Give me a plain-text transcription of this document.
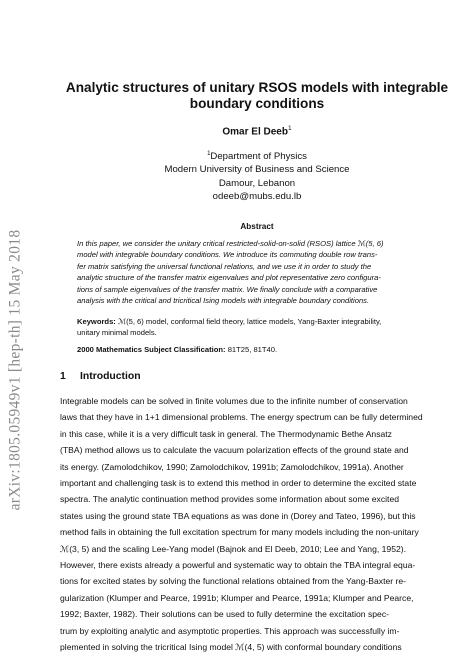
arXiv:1805.05949v1 [hep-th] 15 May 2018
Analytic structures of unitary RSOS models with integrable
boundary conditions
Omar El Deeb$^1$
$^1$Department of Physics
Modern University of Business and Science
Damour, Lebanon
odeeb@mubs.edu.lb
Abstract
In this paper, we consider the unitary critical restricted-solid-on-solid (RSOS) lattice ℳ(5, 6)
model with integrable boundary conditions. We introduce its commuting double row trans-
fer matrix satisfying the universal functional relations, and we use it in order to study the
analytic structure of the transfer matrix eigenvalues and plot representative zero configura-
tions of sample eigenvalues of the transfer matrix. We finally conclude with a comparative
analysis with the critical and tricritical Ising models with integrable boundary conditions.
Keywords: ℳ(5, 6) model, conformal field theory, lattice models, Yang-Baxter integrability,
unitary minimal models.
2000 Mathematics Subject Classification: 81T25, 81T40.
1 Introduction
Integrable models can be solved in finite volumes due to the infinite number of conservation
laws that they have in 1+1 dimensional problems. The energy spectrum can be fully determined
in this case, while it is a very difficult task in general. The Thermodynamic Bethe Ansatz
(TBA) method allows us to calculate the vacuum polarization effects of the ground state and
its energy. (Zamolodchikov, 1990; Zamolodchikov, 1991b; Zamolodchikov, 1991a). Another
important and challenging task is to extend this method in order to determine the excited state
spectra. The analytic continuation method provides some information about some excited
states using the ground state TBA equations as was done in (Dorey and Tateo, 1996), but this
method fails in obtaining the full excitation spectrum for many models including the non-unitary
ℳ(3, 5) and the scaling Lee-Yang model (Bajnok and El Deeb, 2010; Lee and Yang, 1952).
However, there exists already a powerful and systematic way to obtain the TBA integral equa-
tions for excited states by solving the functional relations obtained from the Yang-Baxter re-
gularization (Klumper and Pearce, 1991b; Klumper and Pearce, 1991a; Klumper and Pearce,
1992; Baxter, 1982). Their solutions can be used to fully determine the excitation spec-
trum by exploiting analytic and asymptotic properties. This approach was successfully im-
plemented in solving the tricritical Ising model ℳ(4, 5) with conformal boundary conditions
